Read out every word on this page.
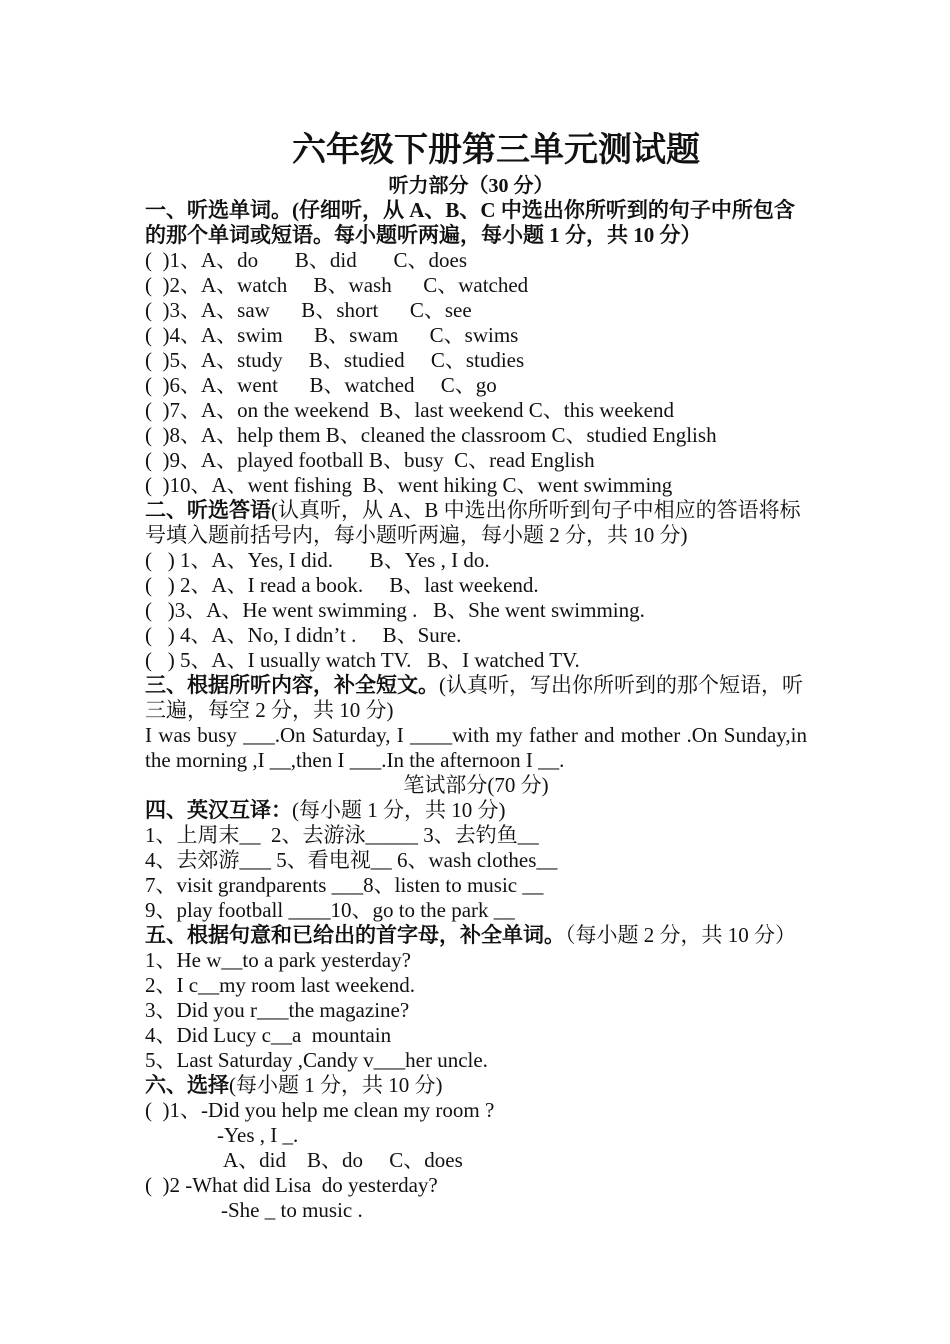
六年级下册第三单元测试题
听力部分（30 分）
一、听选单词。(仔细听，从 A、B、C 中选出你所听到的句子中所包含的那个单词或短语。每小题听两遍，每小题 1 分，共 10 分）
(  )1、A、do       B、did       C、does
(  )2、A、watch     B、wash      C、watched
(  )3、A、saw      B、short      C、see
(  )4、A、swim      B、swam      C、swims
(  )5、A、study     B、studied     C、studies
(  )6、A、went      B、watched     C、go
(  )7、A、on the weekend  B、last weekend C、this weekend
(  )8、A、help them B、cleaned the classroom C、studied English
(  )9、A、played football B、busy  C、read English
(  )10、A、went fishing  B、went hiking C、went swimming
二、听选答语(认真听，从 A、B 中选出你所听到句子中相应的答语将标号填入题前括号内，每小题听两遍，每小题 2 分，共 10 分)
(   ) 1、A、Yes, I did.       B、Yes , I do.
(   ) 2、A、I read a book.     B、last weekend.
(   )3、A、He went swimming .   B、She went swimming.
(   ) 4、A、No, I didn’t .     B、Sure.
(   ) 5、A、I usually watch TV.   B、I watched TV.
三、根据所听内容，补全短文。(认真听，写出你所听到的那个短语，听三遍，每空 2 分，共 10 分)
I was busy ___.On Saturday, I ____with my father and mother .On Sunday,in the morning ,I __,then I ___.In the afternoon I __.
笔试部分(70 分)
四、英汉互译：(每小题 1 分，共 10 分)
1、上周末__  2、去游泳_____ 3、去钓鱼__
4、去郊游___ 5、看电视__ 6、wash clothes__
7、visit grandparents ___8、listen to music __
9、play football ____10、go to the park __
五、根据句意和已给出的首字母，补全单词。（每小题 2 分，共 10 分）
1、He w__to a park yesterday?
2、I c__my room last weekend.
3、Did you r___the magazine?
4、Did Lucy c__a  mountain
5、Last Saturday ,Candy v___her uncle.
六、选择(每小题 1 分，共 10 分)
(  )1、-Did you help me clean my room ?
-Yes , I _.
A、did    B、do     C、does
(  )2 -What did Lisa  do yesterday?
-She _ to music .
